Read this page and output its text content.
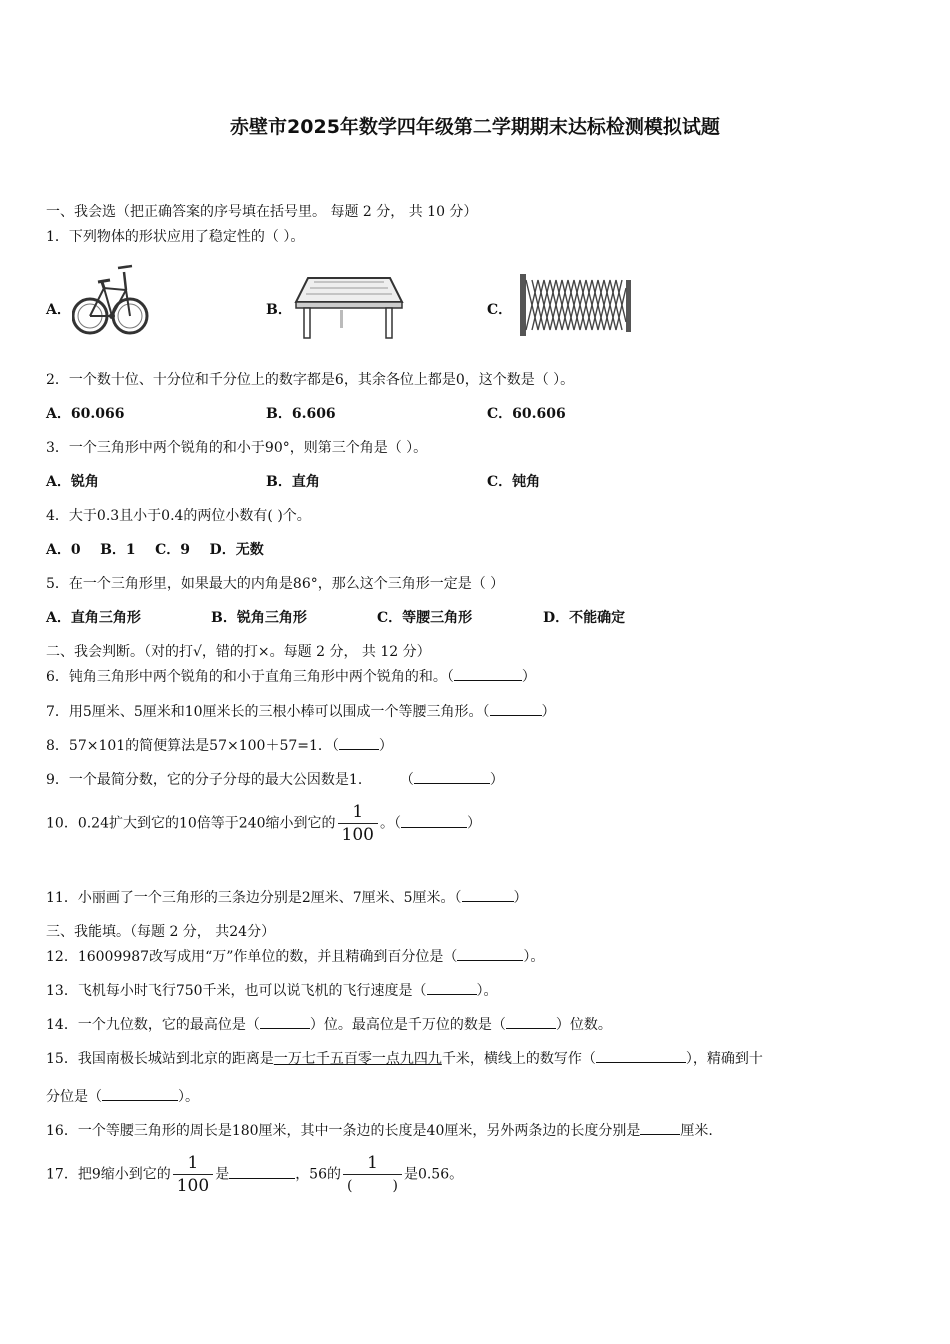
赤壁市2025年数学四年级第二学期期末达标检测模拟试题
一、我会选（把正确答案的序号填在括号里。 每题 2 分， 共 10 分）
1．下列物体的形状应用了稳定性的（ ）。
A．	B．	C．
2．一个数十位、十分位和千分位上的数字都是6，其余各位上都是0，这个数是（ ）。
A．60.066	B．6.606	C．60.606
3．一个三角形中两个锐角的和小于90°，则第三个角是（ ）。
A．锐角	B．直角	C．钝角
4．大于0.3且小于0.4的两位小数有( )个。
A．0    B．1    C．9    D．无数
5．在一个三角形里，如果最大的内角是86°，那么这个三角形一定是（ ）
A．直角三角形	B．锐角三角形	C．等腰三角形	D．不能确定
二、我会判断。（对的打√，错的打×。每题 2 分， 共 12 分）
6．钝角三角形中两个锐角的和小于直角三角形中两个锐角的和。（	）
7．用5厘米、5厘米和10厘米长的三根小棒可以围成一个等腰三角形。（	）
8．57×101的简便算法是57×100＋57=1．（	）
9．一个最简分数，它的分子分母的最大公因数是1． （	）
10．0.24扩大到它的10倍等于240缩小到它的 $\frac{1}{100}$ 。（	）
11．小丽画了一个三角形的三条边分别是2厘米、7厘米、5厘米。（	）
三、我能填。（每题 2 分， 共24分）
12．16009987改写成用“万”作单位的数，并且精确到百分位是（	）。
13．飞机每小时飞行750千米，也可以说飞机的飞行速度是（	）。
14．一个九位数，它的最高位是（	）位。最高位是千万位的数是（	）位数。
15．我国南极长城站到北京的距离是一万七千五百零一点九四九千米，横线上的数写作（	），精确到十
分位是（	）。
16．一个等腰三角形的周长是180厘米，其中一条边的长度是40厘米，另外两条边的长度分别是	厘米.
17．把9缩小到它的 $\frac{1}{100}$ 是	，56的 1
(	) 是0.56。
